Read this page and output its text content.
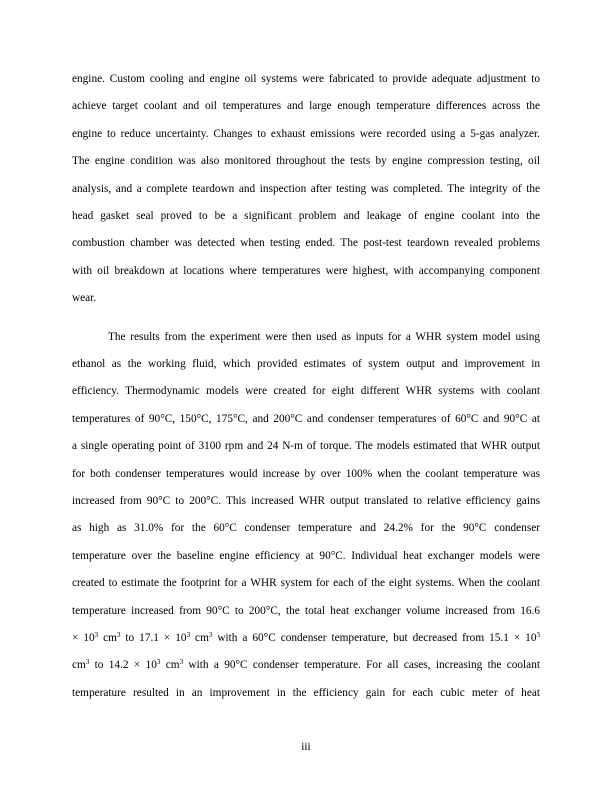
engine. Custom cooling and engine oil systems were fabricated to provide adequate adjustment to
achieve target coolant and oil temperatures and large enough temperature differences across the
engine to reduce uncertainty. Changes to exhaust emissions were recorded using a 5-gas analyzer.
The engine condition was also monitored throughout the tests by engine compression testing, oil
analysis, and a complete teardown and inspection after testing was completed. The integrity of the
head gasket seal proved to be a significant problem and leakage of engine coolant into the
combustion chamber was detected when testing ended. The post-test teardown revealed problems
with oil breakdown at locations where temperatures were highest, with accompanying component
wear.
The results from the experiment were then used as inputs for a WHR system model using
ethanol as the working fluid, which provided estimates of system output and improvement in
efficiency. Thermodynamic models were created for eight different WHR systems with coolant
temperatures of 90°C, 150°C, 175°C, and 200°C and condenser temperatures of 60°C and 90°C at
a single operating point of 3100 rpm and 24 N-m of torque. The models estimated that WHR output
for both condenser temperatures would increase by over 100% when the coolant temperature was
increased from 90°C to 200°C. This increased WHR output translated to relative efficiency gains
as high as 31.0% for the 60°C condenser temperature and 24.2% for the 90°C condenser
temperature over the baseline engine efficiency at 90°C. Individual heat exchanger models were
created to estimate the footprint for a WHR system for each of the eight systems. When the coolant
temperature increased from 90°C to 200°C, the total heat exchanger volume increased from 16.6
× $10^3$ $cm^3$ to $17.1 \times 10^3$ $cm^3$ with a 60°C condenser temperature, but decreased from $15.1 \times 10^3$
$cm^3$ to $14.2 \times 10^3$ $cm^3$ with a 90°C condenser temperature. For all cases, increasing the coolant
temperature resulted in an improvement in the efficiency gain for each cubic meter of heat
iii
